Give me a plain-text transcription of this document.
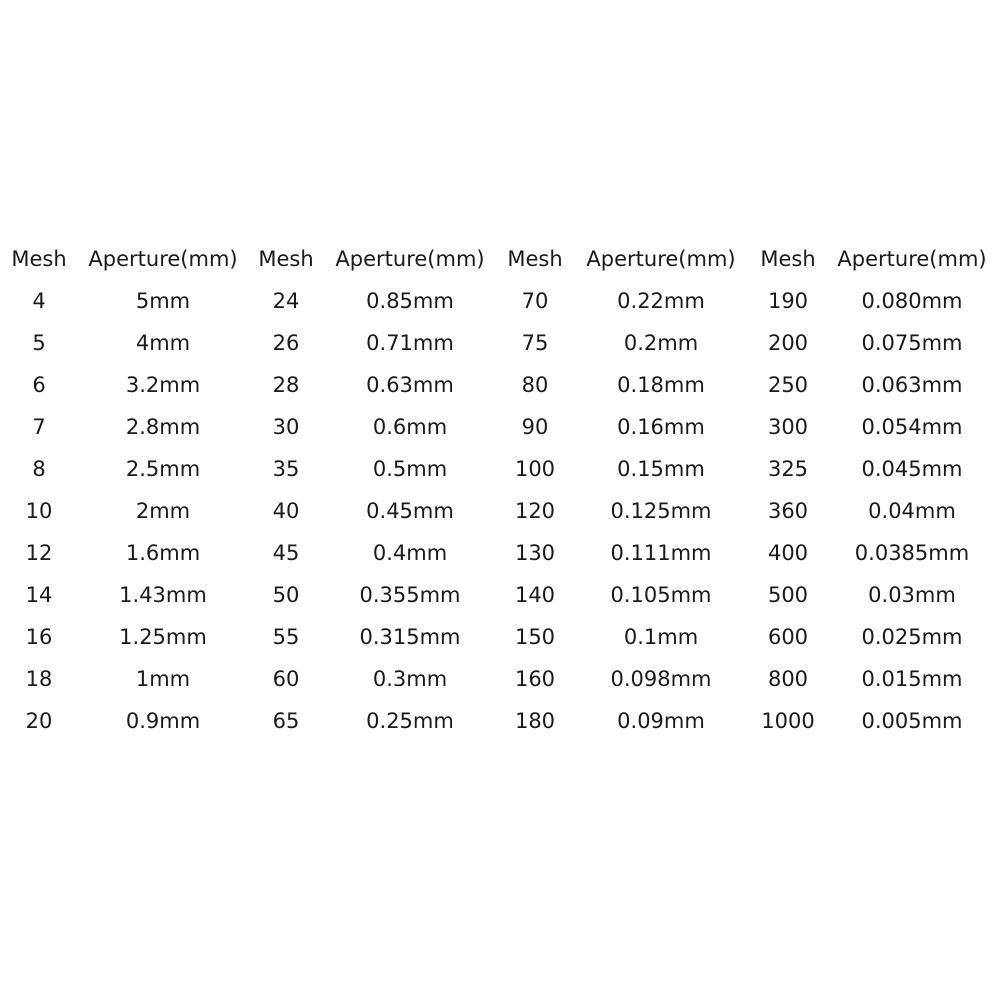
Mesh	Aperture(mm) Mesh	Aperture(mm)	Mesh	Aperture(mm)	Mesh	Aperture(mm)
4	5mm	24	0.85mm	70	0.22mm	190	0.080mm
5	4mm	26	0.71mm	75	0.2mm	200	0.075mm
6	3.2mm	28	0.63mm	80	0.18mm	250	0.063mm
7	2.8mm	30	0.6mm	90	0.16mm	300	0.054mm
8	2.5mm	35	0.5mm	100	0.15mm	325	0.045mm
10	2mm	40	0.45mm	120	0.125mm	360	0.04mm
12	1.6mm	45	0.4mm	130	0.111mm	400	0.0385mm
14	1.43mm	50	0.355mm	140	0.105mm	500	0.03mm
16	1.25mm	55	0.315mm	150	0.1mm	600	0.025mm
18	1mm	60	0.3mm	160	0.098mm	800	0.015mm
20	0.9mm	65	0.25mm	180	0.09mm	1000	0.005mm
